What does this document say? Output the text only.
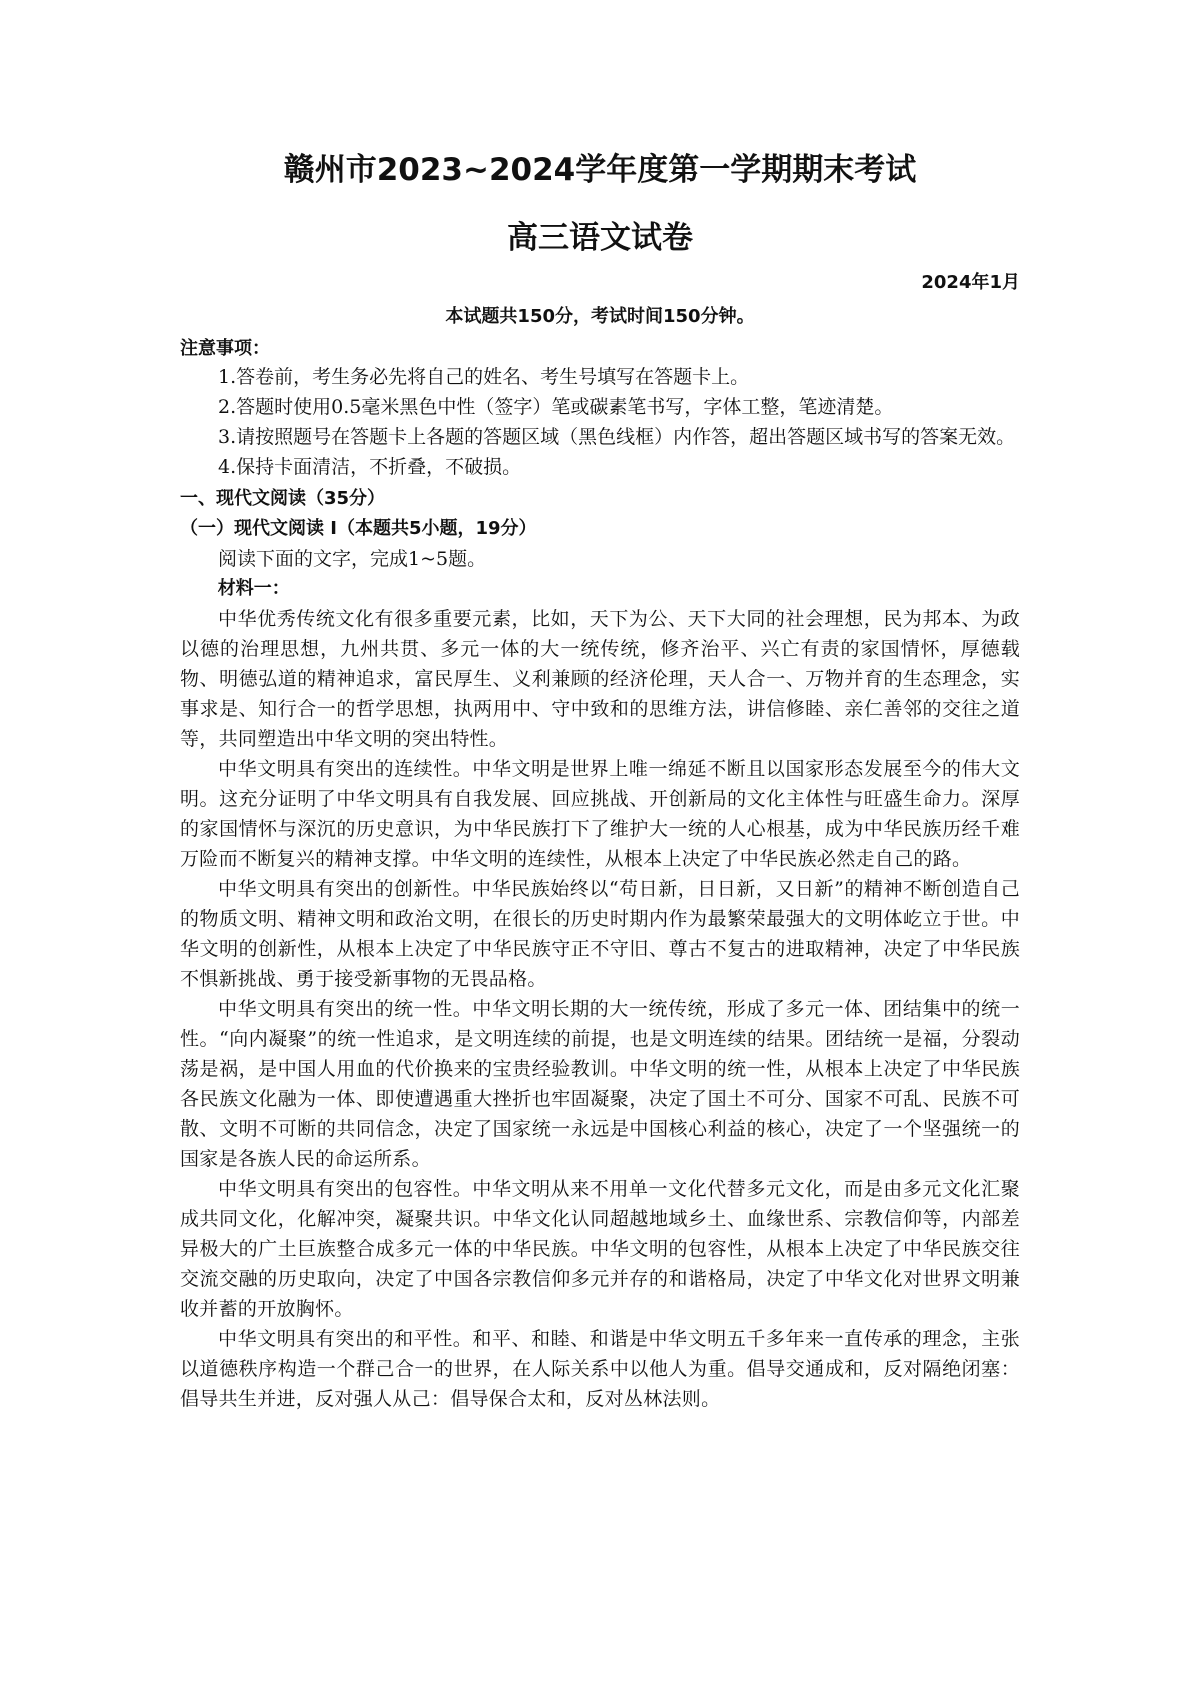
赣州市2023~2024学年度第一学期期末考试
高三语文试卷
2024年1月
本试题共150分，考试时间150分钟。
注意事项：

1.答卷前，考生务必先将自己的姓名、考生号填写在答题卡上。

2.答题时使用0.5毫米黑色中性（签字）笔或碳素笔书写，字体工整，笔迹清楚。

3.请按照题号在答题卡上各题的答题区域（黑色线框）内作答，超出答题区域书写的答案无效。

4.保持卡面清洁，不折叠，不破损。

一、现代文阅读（35分）
（一）现代文阅读 I（本题共5小题，19分）

阅读下面的文字，完成1~5题。

材料一：

中华优秀传统文化有很多重要元素，比如，天下为公、天下大同的社会理想，民为邦本、为政以德的治理思想，九州共贯、多元一体的大一统传统，修齐治平、兴亡有责的家国情怀，厚德载物、明德弘道的精神追求，富民厚生、义利兼顾的经济伦理，天人合一、万物并育的生态理念，实事求是、知行合一的哲学思想，执两用中、守中致和的思维方法，讲信修睦、亲仁善邻的交往之道等，共同塑造出中华文明的突出特性。

中华文明具有突出的连续性。中华文明是世界上唯一绵延不断且以国家形态发展至今的伟大文明。这充分证明了中华文明具有自我发展、回应挑战、开创新局的文化主体性与旺盛生命力。深厚的家国情怀与深沉的历史意识，为中华民族打下了维护大一统的人心根基，成为中华民族历经千难万险而不断复兴的精神支撑。中华文明的连续性，从根本上决定了中华民族必然走自己的路。

中华文明具有突出的创新性。中华民族始终以“苟日新，日日新，又日新”的精神不断创造自己的物质文明、精神文明和政治文明，在很长的历史时期内作为最繁荣最强大的文明体屹立于世。中华文明的创新性，从根本上决定了中华民族守正不守旧、尊古不复古的进取精神，决定了中华民族不惧新挑战、勇于接受新事物的无畏品格。

中华文明具有突出的统一性。中华文明长期的大一统传统，形成了多元一体、团结集中的统一性。“向内凝聚”的统一性追求，是文明连续的前提，也是文明连续的结果。团结统一是福，分裂动荡是祸，是中国人用血的代价换来的宝贵经验教训。中华文明的统一性，从根本上决定了中华民族各民族文化融为一体、即使遭遇重大挫折也牢固凝聚，决定了国土不可分、国家不可乱、民族不可散、文明不可断的共同信念，决定了国家统一永远是中国核心利益的核心，决定了一个坚强统一的国家是各族人民的命运所系。

中华文明具有突出的包容性。中华文明从来不用单一文化代替多元文化，而是由多元文化汇聚成共同文化，化解冲突，凝聚共识。中华文化认同超越地域乡土、血缘世系、宗教信仰等，内部差异极大的广土巨族整合成多元一体的中华民族。中华文明的包容性，从根本上决定了中华民族交往交流交融的历史取向，决定了中国各宗教信仰多元并存的和谐格局，决定了中华文化对世界文明兼收并蓄的开放胸怀。

中华文明具有突出的和平性。和平、和睦、和谐是中华文明五千多年来一直传承的理念，主张以道德秩序构造一个群己合一的世界，在人际关系中以他人为重。倡导交通成和，反对隔绝闭塞：倡导共生并进，反对强人从己：倡导保合太和，反对丛林法则。
